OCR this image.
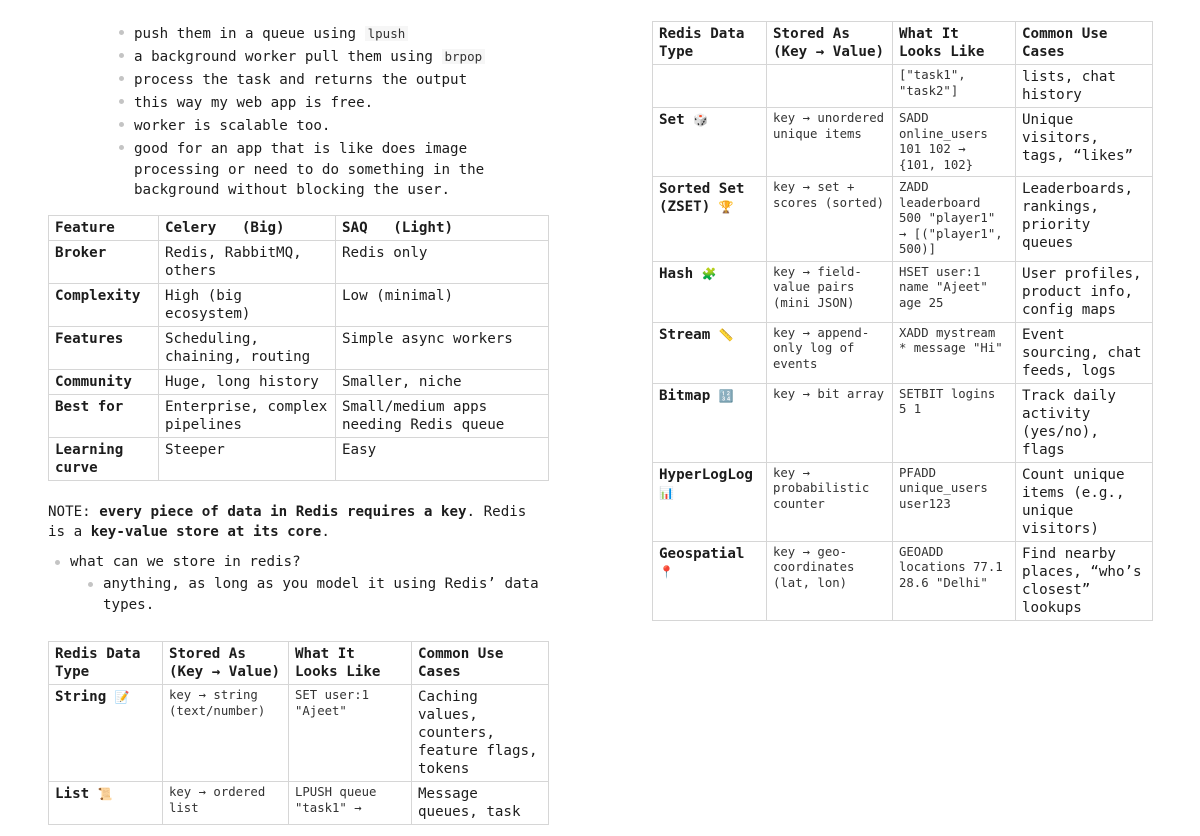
push them in a queue using lpush
a background worker pull them using brpop
process the task and returns the output
this way my web app is free.
worker is scalable too.
good for an app that is like does image processing or need to do something in the background without blocking the user.
Feature	Celery   (Big)	SAQ   (Light)
Broker	Redis, RabbitMQ, others	Redis only
Complexity	High (big ecosystem)	Low (minimal)
Features	Scheduling, chaining, routing	Simple async workers
Community	Huge, long history	Smaller, niche
Best for	Enterprise, complex pipelines	Small/medium apps needing Redis queue
Learning curve	Steeper	Easy
NOTE: every piece of data in Redis requires a key. Redis is a key-value store at its core.
what can we store in redis?
anything, as long as you model it using Redis’ data types.
Redis Data Type	Stored As (Key → Value)	What It Looks Like	Common Use Cases
String 📝	key → string (text/number)	SET user:1 "Ajeet"	Caching values, counters, feature flags, tokens
List 📜	key → ordered list	LPUSH queue "task1" →	Message queues, task
Redis Data Type	Stored As (Key → Value)	What It Looks Like	Common Use Cases
		["task1", "task2"]	lists, chat history
Set 🎲	key → unordered unique items	SADD online_users 101 102 → {101, 102}	Unique visitors, tags, “likes”
Sorted Set (ZSET) 🏆	key → set + scores (sorted)	ZADD leaderboard 500 "player1" → [("player1", 500)]	Leaderboards, rankings, priority queues
Hash 🧩	key → field-value pairs (mini JSON)	HSET user:1 name "Ajeet" age 25	User profiles, product info, config maps
Stream 📏	key → append-only log of events	XADD mystream * message "Hi"	Event sourcing, chat feeds, logs
Bitmap 🔢	key → bit array	SETBIT logins 5 1	Track daily activity (yes/no), flags
HyperLogLog 📊	key → probabilistic counter	PFADD unique_users user123	Count unique items (e.g., unique visitors)
Geospatial 📍	key → geo-coordinates (lat, lon)	GEOADD locations 77.1 28.6 "Delhi"	Find nearby places, “who’s closest” lookups
